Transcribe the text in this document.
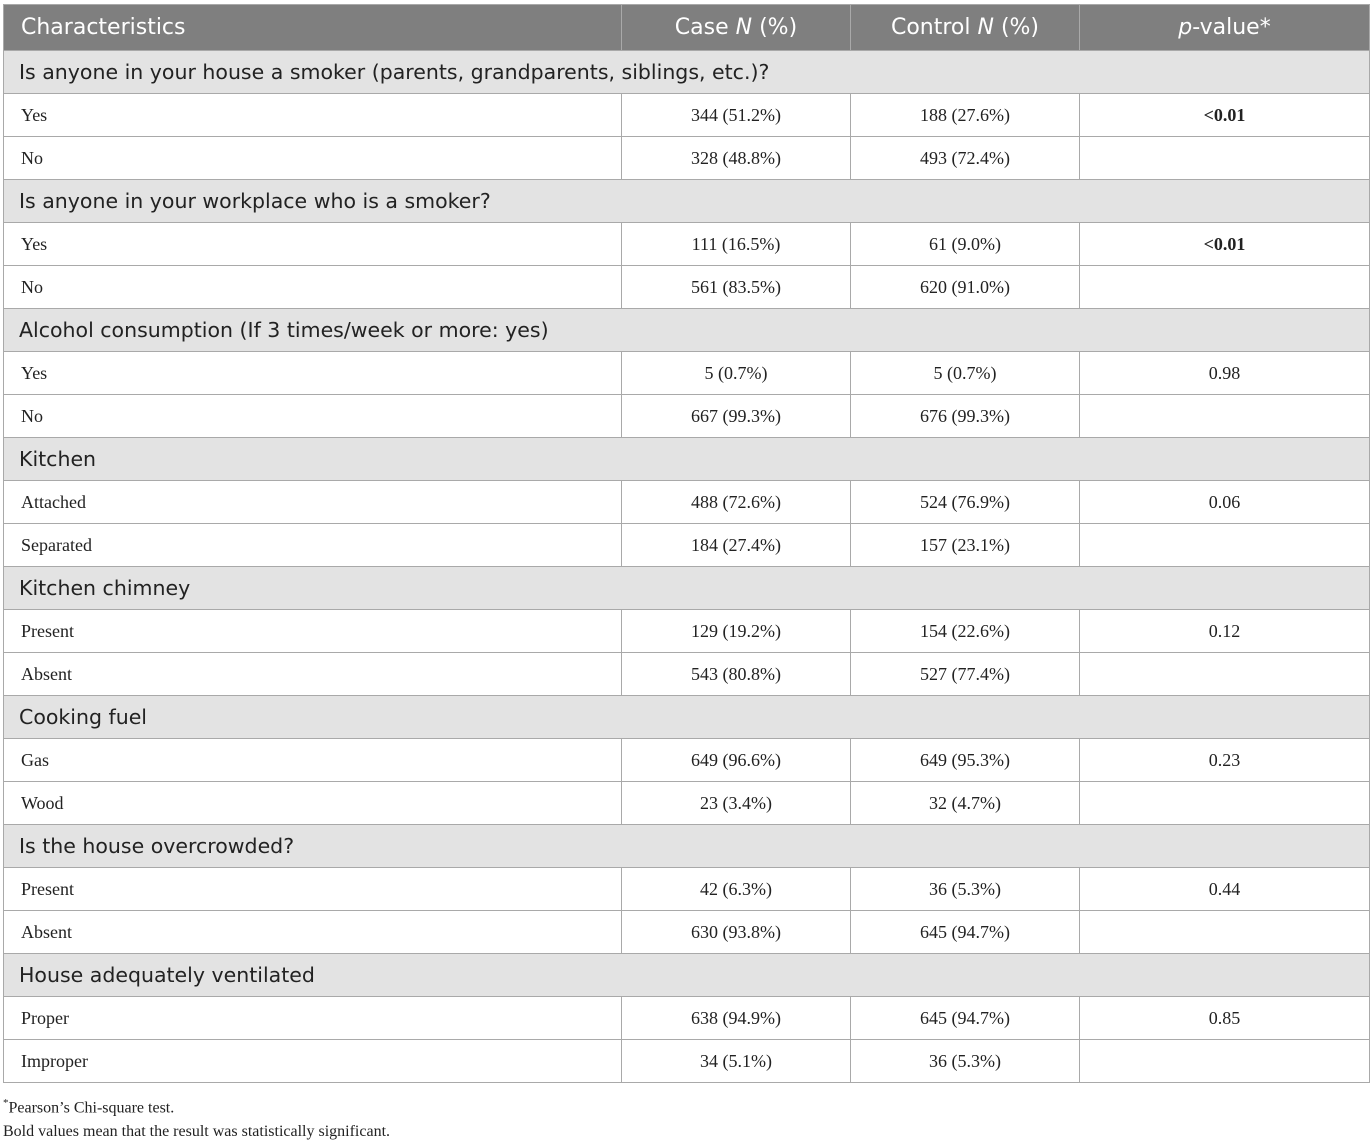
Characteristics	Case N (%)	Control N (%)	p-value*
Is anyone in your house a smoker (parents, grandparents, siblings, etc.)?			
Yes	344 (51.2%)	188 (27.6%)	<0.01
No	328 (48.8%)	493 (72.4%)	
Is anyone in your workplace who is a smoker?			
Yes	111 (16.5%)	61 (9.0%)	<0.01
No	561 (83.5%)	620 (91.0%)	
Alcohol consumption (If 3 times/week or more: yes)			
Yes	5 (0.7%)	5 (0.7%)	0.98
No	667 (99.3%)	676 (99.3%)	
Kitchen			
Attached	488 (72.6%)	524 (76.9%)	0.06
Separated	184 (27.4%)	157 (23.1%)	
Kitchen chimney			
Present	129 (19.2%)	154 (22.6%)	0.12
Absent	543 (80.8%)	527 (77.4%)	
Cooking fuel			
Gas	649 (96.6%)	649 (95.3%)	0.23
Wood	23 (3.4%)	32 (4.7%)	
Is the house overcrowded?			
Present	42 (6.3%)	36 (5.3%)	0.44
Absent	630 (93.8%)	645 (94.7%)	
House adequately ventilated			
Proper	638 (94.9%)	645 (94.7%)	0.85
Improper	34 (5.1%)	36 (5.3%)	
*Pearson’s Chi-square test.
Bold values mean that the result was statistically significant.
